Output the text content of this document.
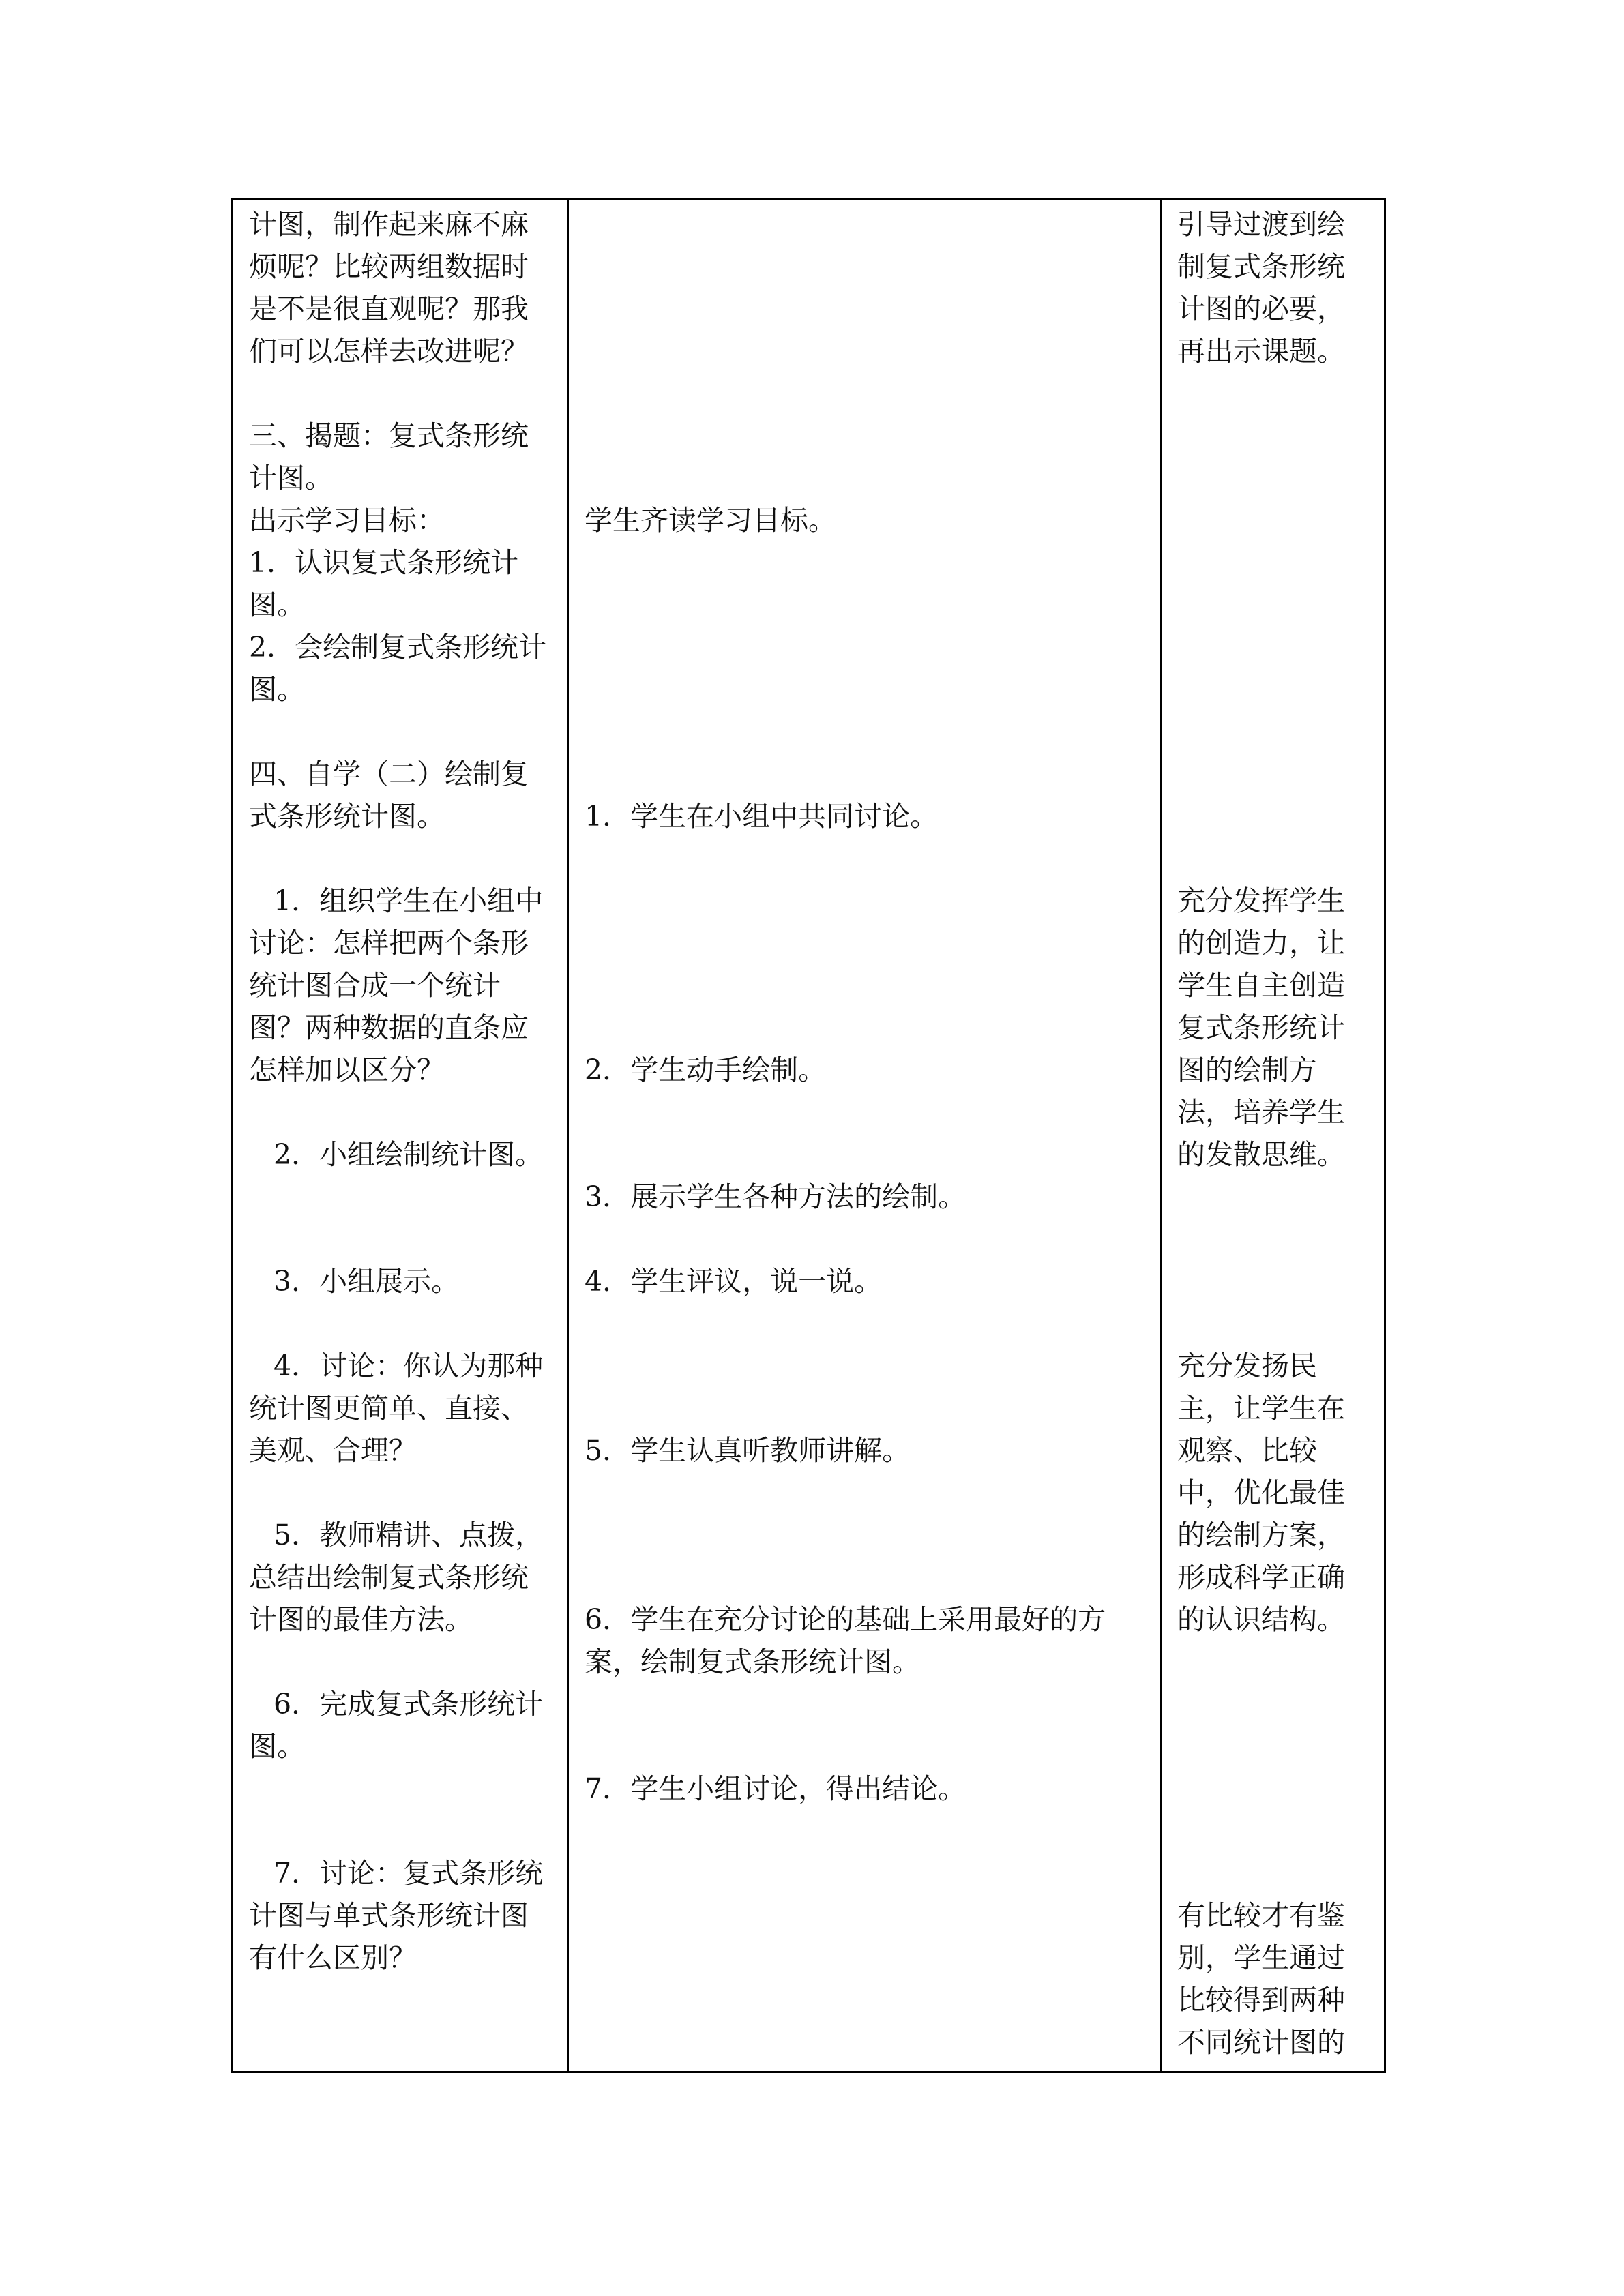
计图，制作起来麻不麻

烦呢？比较两组数据时

是不是很直观呢？那我

们可以怎样去改进呢？

三、揭题：复式条形统

计图。

出示学习目标：

1．认识复式条形统计

图。

2．会绘制复式条形统计

图。

四、自学（二）绘制复

式条形统计图。

1．组织学生在小组中

讨论：怎样把两个条形

统计图合成一个统计

图？两种数据的直条应

怎样加以区分？

2．小组绘制统计图。

3．小组展示。

4．讨论：你认为那种

统计图更简单、直接、

美观、合理？

5．教师精讲、点拨，

总结出绘制复式条形统

计图的最佳方法。

6．完成复式条形统计

图。

7．讨论：复式条形统

计图与单式条形统计图

有什么区别？

学生齐读学习目标。

1．学生在小组中共同讨论。

2．学生动手绘制。

3．展示学生各种方法的绘制。

4．学生评议，说一说。

5．学生认真听教师讲解。

6．学生在充分讨论的基础上采用最好的方

案，绘制复式条形统计图。

7．学生小组讨论，得出结论。

引导过渡到绘

制复式条形统

计图的必要，

再出示课题。

充分发挥学生

的创造力，让

学生自主创造

复式条形统计

图的绘制方

法，培养学生

的发散思维。

充分发扬民

主，让学生在

观察、比较

中，优化最佳

的绘制方案，

形成科学正确

的认识结构。

有比较才有鉴

别，学生通过

比较得到两种

不同统计图的
